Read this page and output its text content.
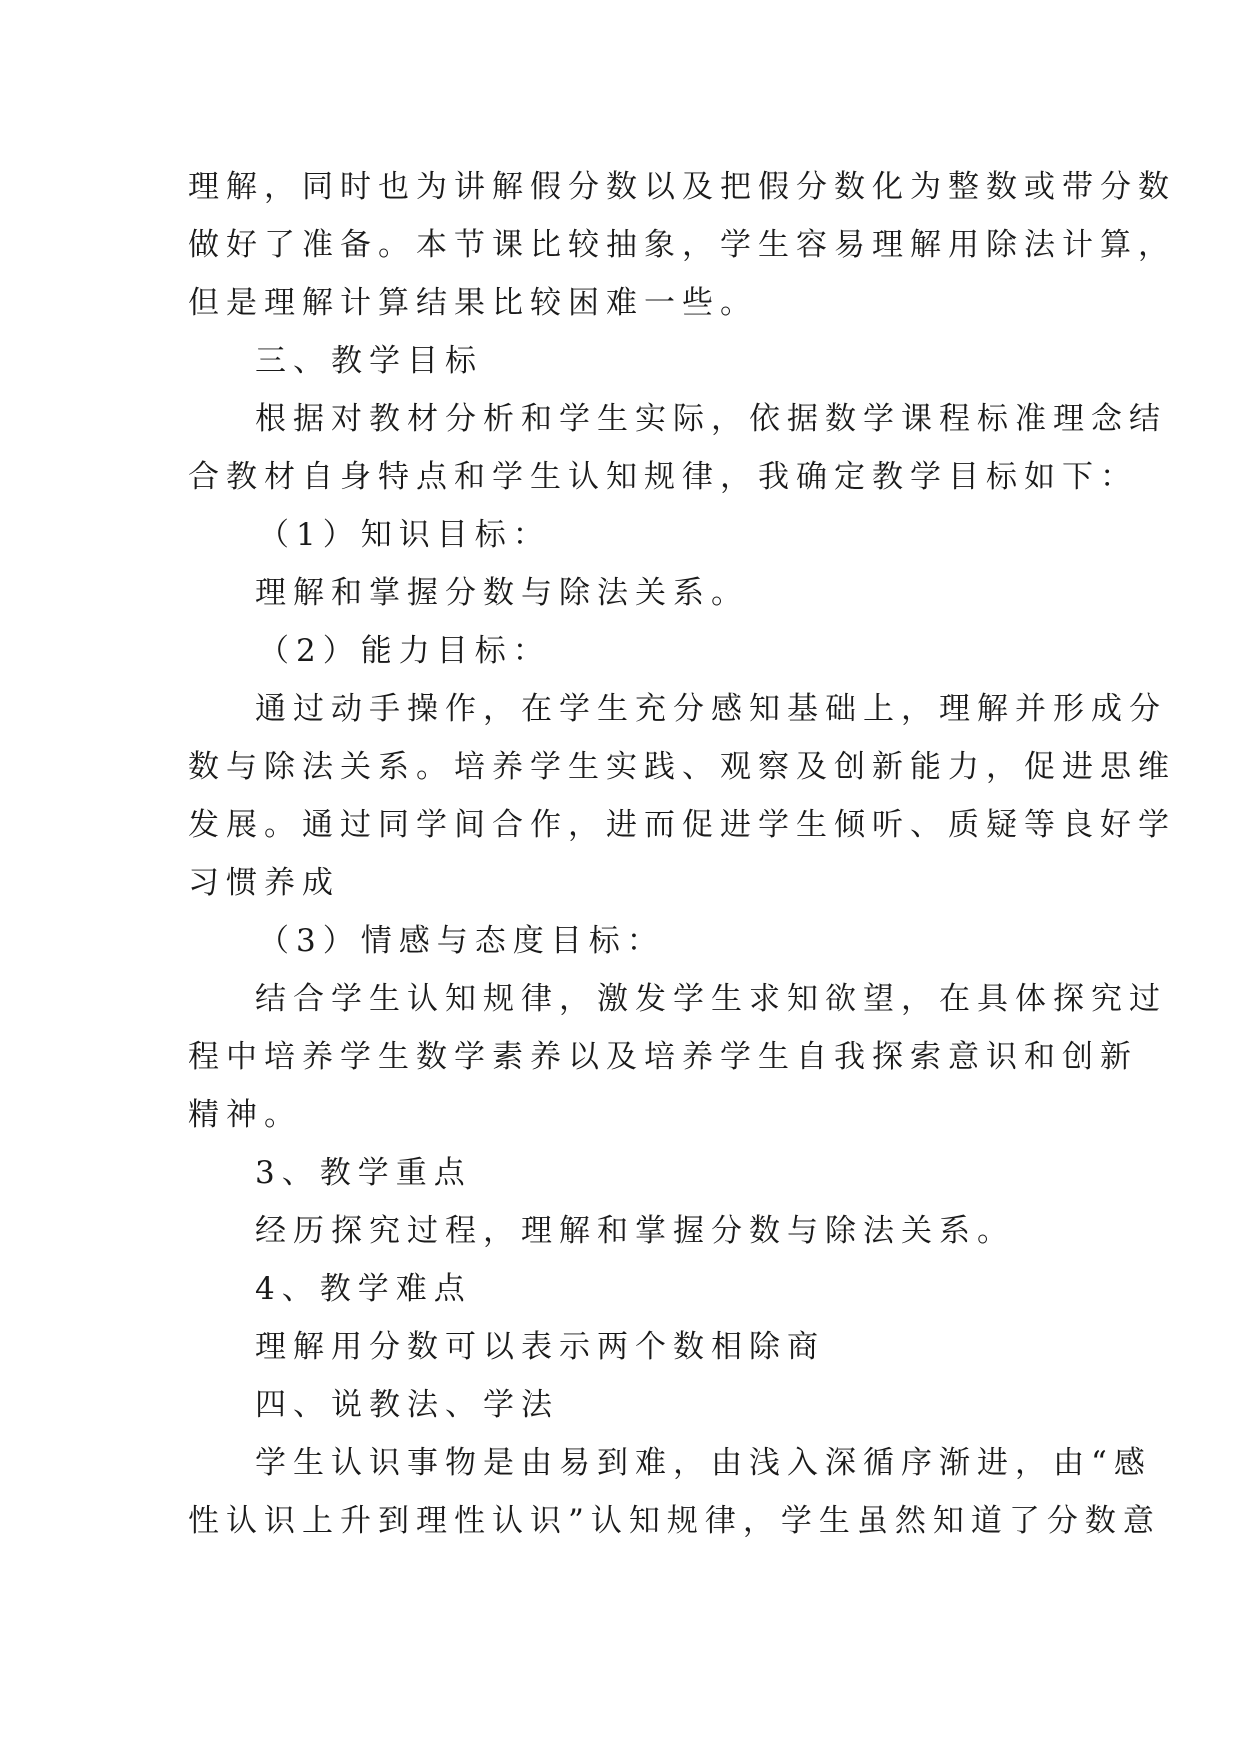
理解，同时也为讲解假分数以及把假分数化为整数或带分数
做好了准备。本节课比较抽象，学生容易理解用除法计算，
但是理解计算结果比较困难一些。
三、教学目标
根据对教材分析和学生实际，依据数学课程标准理念结
合教材自身特点和学生认知规律，我确定教学目标如下：
（1）知识目标：
理解和掌握分数与除法关系。
（2）能力目标：
通过动手操作，在学生充分感知基础上，理解并形成分
数与除法关系。培养学生实践、观察及创新能力，促进思维
发展。通过同学间合作，进而促进学生倾听、质疑等良好学
习惯养成
（3）情感与态度目标：
结合学生认知规律，激发学生求知欲望，在具体探究过
程中培养学生数学素养以及培养学生自我探索意识和创新
精神。
3、教学重点
经历探究过程，理解和掌握分数与除法关系。
4、教学难点
理解用分数可以表示两个数相除商
四、说教法、学法
学生认识事物是由易到难，由浅入深循序渐进，由“感
性认识上升到理性认识”认知规律，学生虽然知道了分数意
